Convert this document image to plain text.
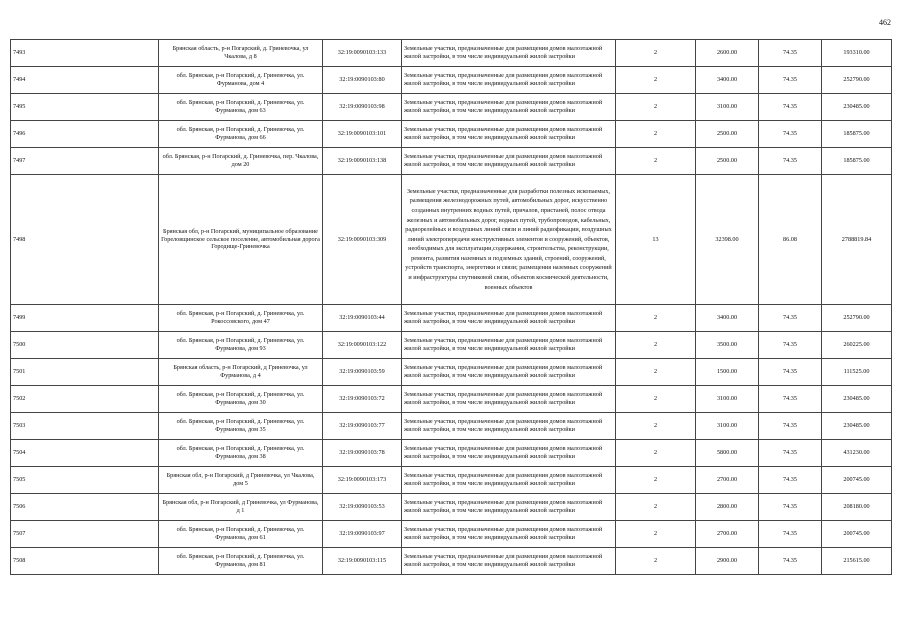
462
7493	Брянская область, р-н Погарский, д. Гриневочка, ул Чкалова, д 8	32:19:0090103:133	Земельные участки, предназначенные для размещения домов малоэтажной жилой застройки, в том числе индивидуальной жилой застройки	2	2600.00	74.35	193310.00
7494	обл. Брянская, р-н Погарский, д. Гриневочка, ул. Фурманова, дом 4	32:19:0090103:80	Земельные участки, предназначенные для размещения домов малоэтажной жилой застройки, в том числе индивидуальной жилой застройки	2	3400.00	74.35	252790.00
7495	обл. Брянская, р-н Погарский, д. Гриневочка, ул. Фурманова, дом 63	32:19:0090103:98	Земельные участки, предназначенные для размещения домов малоэтажной жилой застройки, в том числе индивидуальной жилой застройки	2	3100.00	74.35	230485.00
7496	обл. Брянская, р-н Погарский, д. Гриневочка, ул. Фурманова, дом 66	32:19:0090103:101	Земельные участки, предназначенные для размещения домов малоэтажной жилой застройки, в том числе индивидуальной жилой застройки	2	2500.00	74.35	185875.00
7497	обл. Брянская, р-н Погарский, д. Гриневочка, пер. Чкалова, дом 20	32:19:0090103:138	Земельные участки, предназначенные для размещения домов малоэтажной жилой застройки, в том числе индивидуальной жилой застройки	2	2500.00	74.35	185875.00
7498	Брянская обл, р-н Погарский, муниципальное образование Гореловщинское сельское поселение, автомобильная дорога Городище-Гриневочка	32:19:0090103:309	Земельные участки, предназначенные для разработки полезных ископаемых, размещения железнодорожных путей, автомобильных дорог, искусственно созданных внутренних водных путей, причалов, пристаней, полос отвода железных и автомобильных дорог, водных путей, трубопроводов, кабельных, радиорелейных и воздушных линий связи и линий радиофикации, воздушных линий электропередачи конструктивных элементов и сооружений, объектов, необходимых для эксплуатации,содержания, строительства, реконструкции, ремонта, развития наземных и подземных зданий, строений, сооружений, устройств транспорта, энергетики и связи; размещения наземных сооружений и инфраструктуры спутниковой связи, объектов космической деятельности, военных объектов	13	32398.00	86.08	2788819.84
7499	обл. Брянская, р-н Погарский, д. Гриневочка, ул. Рокоссовского, дом 47	32:19:0090103:44	Земельные участки, предназначенные для размещения домов малоэтажной жилой застройки, в том числе индивидуальной жилой застройки	2	3400.00	74.35	252790.00
7500	обл. Брянская, р-н Погарский, д. Гриневочка, ул. Фурманова, дом 93	32:19:0090103:122	Земельные участки, предназначенные для размещения домов малоэтажной жилой застройки, в том числе индивидуальной жилой застройки	2	3500.00	74.35	260225.00
7501	Брянская область, р-н Погарский, д Гриневочка, ул Фурманова, д 4	32:19:0090103:59	Земельные участки, предназначенные для размещения домов малоэтажной жилой застройки, в том числе индивидуальной жилой застройки	2	1500.00	74.35	111525.00
7502	обл. Брянская, р-н Погарский, д. Гриневочка, ул. Фурманова, дом 30	32:19:0090103:72	Земельные участки, предназначенные для размещения домов малоэтажной жилой застройки, в том числе индивидуальной жилой застройки	2	3100.00	74.35	230485.00
7503	обл. Брянская, р-н Погарский, д. Гриневочка, ул. Фурманова, дом 35	32:19:0090103:77	Земельные участки, предназначенные для размещения домов малоэтажной жилой застройки, в том числе индивидуальной жилой застройки	2	3100.00	74.35	230485.00
7504	обл. Брянская, р-н Погарский, д. Гриневочка, ул. Фурманова, дом 38	32:19:0090103:78	Земельные участки, предназначенные для размещения домов малоэтажной жилой застройки, в том числе индивидуальной жилой застройки	2	5800.00	74.35	431230.00
7505	Брянская обл, р-н Погарский, д Гриневочка, ул Чкалова, дом 5	32:19:0090103:173	Земельные участки, предназначенные для размещения домов малоэтажной жилой застройки, в том числе индивидуальной жилой застройки	2	2700.00	74.35	200745.00
7506	Брянская обл, р-н Погарский, д Гриневочка, ул Фурманова, д 1	32:19:0090103:53	Земельные участки, предназначенные для размещения домов малоэтажной жилой застройки, в том числе индивидуальной жилой застройки	2	2800.00	74.35	208180.00
7507	обл. Брянская, р-н Погарский, д. Гриневочка, ул. Фурманова, дом 61	32:19:0090103:97	Земельные участки, предназначенные для размещения домов малоэтажной жилой застройки, в том числе индивидуальной жилой застройки	2	2700.00	74.35	200745.00
7508	обл. Брянская, р-н Погарский, д. Гриневочка, ул. Фурманова, дом 81	32:19:0090103:115	Земельные участки, предназначенные для размещения домов малоэтажной жилой застройки, в том числе индивидуальной жилой застройки	2	2900.00	74.35	215615.00
